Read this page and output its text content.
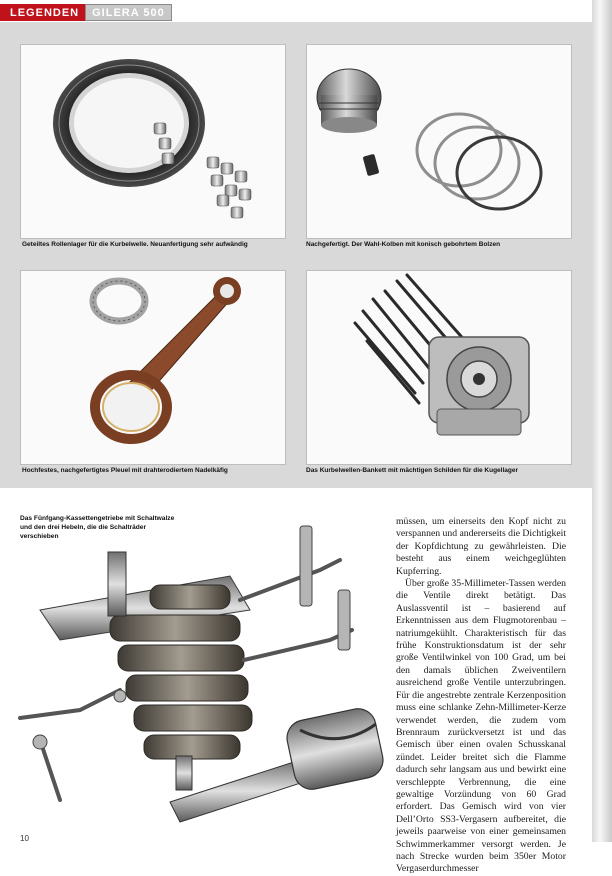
LEGENDEN	GILERA 500
Geteiltes Rollenlager für die Kurbelwelle. Neuanfertigung sehr aufwändig	Nachgefertigt. Der Wahl-Kolben mit konisch gebohrtem Bolzen
Hochfestes, nachgefertigtes Pleuel mit drahterodiertem Nadelkäfig	Das Kurbelwellen-Bankett mit mächtigen Schilden für die Kugellager
Das Fünfgang-Kassettengetriebe mit Schaltwalze und den drei Hebeln, die die Schalträder verschieben

müssen, um einerseits den Kopf nicht zu verspannen und andererseits die Dichtigkeit der Kopfdichtung zu gewährleisten. Die besteht aus einem weichgeglühten Kupferring.

Über große 35-Millimeter-Tassen werden die Ventile direkt betätigt. Das Auslassventil ist – basierend auf Erkenntnissen aus dem Flugmotorenbau – natriumgekühlt. Charakteristisch für das frühe Konstruktionsdatum ist der sehr große Ventilwinkel von 100 Grad, um bei den damals üblichen Zweiventilern ausreichend große Ventile unterzubringen. Für die angestrebte zentrale Kerzenposition muss eine schlanke Zehn-Millimeter-Kerze verwendet werden, die zudem vom Brennraum zurückversetzt ist und das Gemisch über einen ovalen Schusskanal zündet. Leider breitet sich die Flamme dadurch sehr langsam aus und bewirkt eine verschleppte Verbrennung, die eine gewaltige Vorzündung von 60 Grad erfordert. Das Gemisch wird von vier Dell’Orto SS3-Vergasern aufbereitet, die jeweils paarweise von einer gemeinsamen Schwimmerkammer versorgt werden. Je nach Strecke wurden beim 350er Motor Vergaserdurchmesser

10
